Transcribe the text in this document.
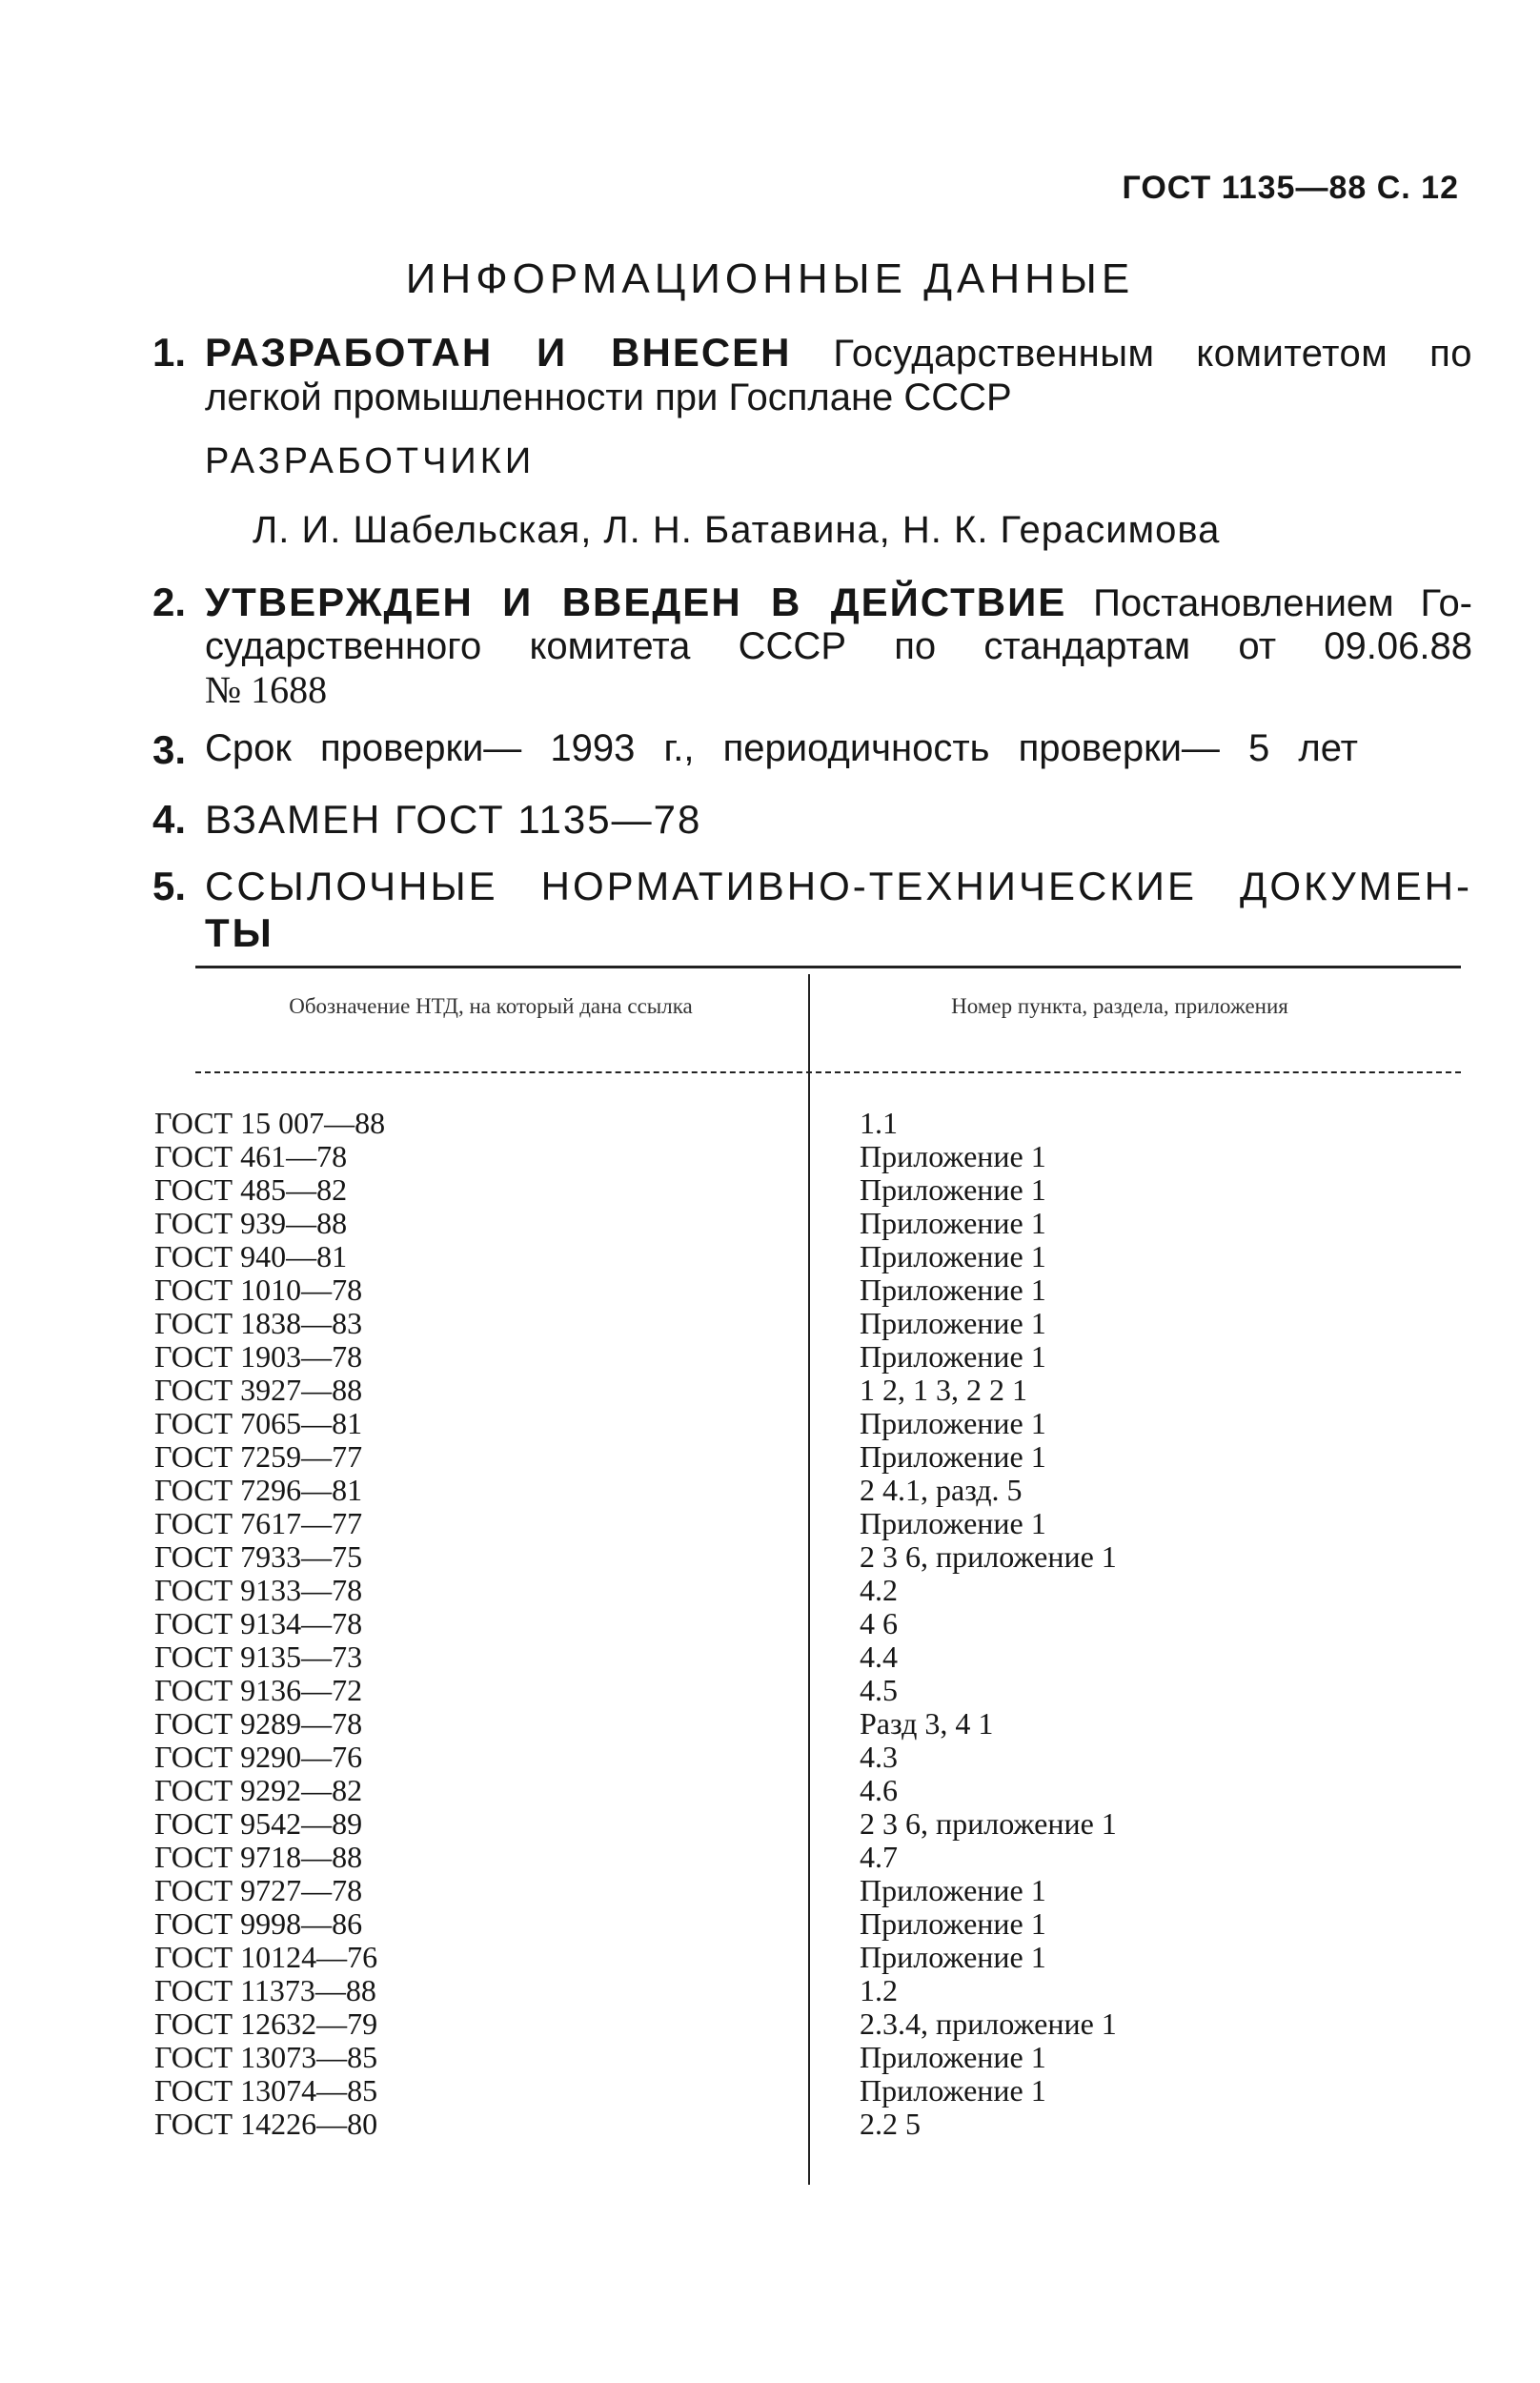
ГОСТ 1135—88 С. 12
ИНФОРМАЦИОННЫЕ ДАННЫЕ
1. РАЗРАБОТАН И ВНЕСЕН Государственным комитетом по
легкой промышленности при Госплане СССР
РАЗРАБОТЧИКИ
Л. И. Шабельская, Л. Н. Батавина, Н. К. Герасимова
2. УТВЕРЖДЕН И ВВЕДЕН В ДЕЙСТВИЕ Постановлением Го-
сударственного комитета СССР по стандартам от 09.06.88
№ 1688
3. Срок проверки— 1993 г., периодичность проверки— 5 лет
4. ВЗАМЕН ГОСТ 1135—78
5. ССЫЛОЧНЫЕ НОРМАТИВНО-ТЕХНИЧЕСКИЕ ДОКУМЕН-
ТЫ
Обозначение НТД, на который дана ссылка	Номер пункта, раздела, приложения
ГОСТ 15 007—88	1.1
ГОСТ 461—78	Приложение 1
ГОСТ 485—82	Приложение 1
ГОСТ 939—88	Приложение 1
ГОСТ 940—81	Приложение 1
ГОСТ 1010—78	Приложение 1
ГОСТ 1838—83	Приложение 1
ГОСТ 1903—78	Приложение 1
ГОСТ 3927—88	1 2, 1 3, 2 2 1
ГОСТ 7065—81	Приложение 1
ГОСТ 7259—77	Приложение 1
ГОСТ 7296—81	2 4.1, разд. 5
ГОСТ 7617—77	Приложение 1
ГОСТ 7933—75	2 3 6, приложение 1
ГОСТ 9133—78	4.2
ГОСТ 9134—78	4 6
ГОСТ 9135—73	4.4
ГОСТ 9136—72	4.5
ГОСТ 9289—78	Разд 3, 4 1
ГОСТ 9290—76	4.3
ГОСТ 9292—82	4.6
ГОСТ 9542—89	2 3 6, приложение 1
ГОСТ 9718—88	4.7
ГОСТ 9727—78	Приложение 1
ГОСТ 9998—86	Приложение 1
ГОСТ 10124—76	Приложение 1
ГОСТ 11373—88	1.2
ГОСТ 12632—79	2.3.4, приложение 1
ГОСТ 13073—85	Приложение 1
ГОСТ 13074—85	Приложение 1
ГОСТ 14226—80	2.2 5
